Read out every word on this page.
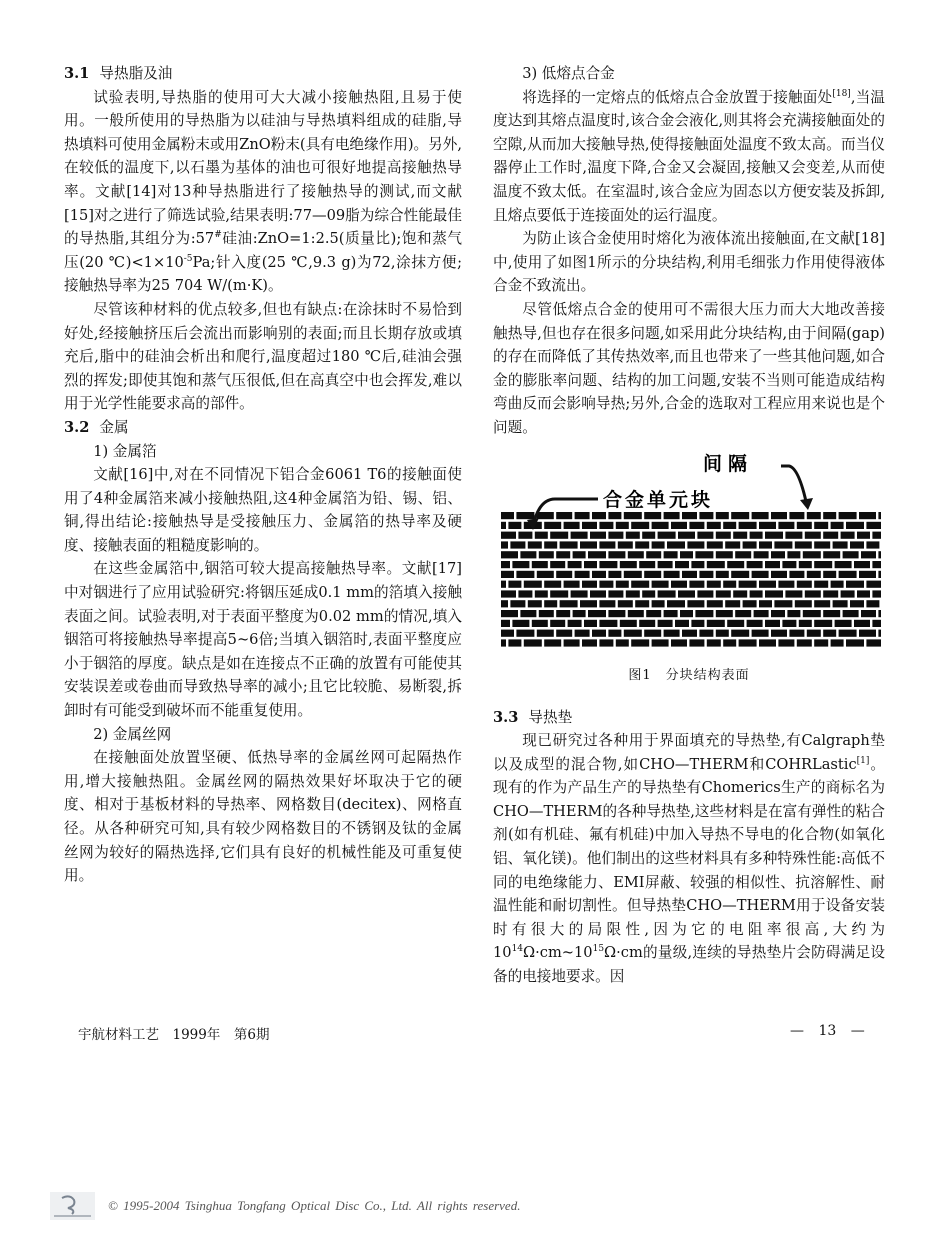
3.1 导热脂及油

试验表明,导热脂的使用可大大减小接触热阻,且易于使用。一般所使用的导热脂为以硅油与导热填料组成的硅脂,导热填料可使用金属粉末或用ZnO粉末(具有电绝缘作用)。另外,在较低的温度下,以石墨为基体的油也可很好地提高接触热导率。文献[14]对13种导热脂进行了接触热导的测试,而文献[15]对之进行了筛选试验,结果表明:77—09脂为综合性能最佳的导热脂,其组分为:57#硅油:ZnO=1:2.5(质量比);饱和蒸气压(20 $℃)<1\times 10^{-5}Pa$;针入度(25 ℃,9.3 g)为72,涂抹方便;接触热导率为25 704 W/(m·K)。

尽管该种材料的优点较多,但也有缺点:在涂抹时不易恰到好处,经接触挤压后会流出而影响别的表面;而且长期存放或填充后,脂中的硅油会析出和爬行,温度超过180 ℃后,硅油会强烈的挥发;即使其饱和蒸气压很低,但在高真空中也会挥发,难以用于光学性能要求高的部件。

3.2 金属

1) 金属箔

文献[16]中,对在不同情况下铝合金6061 T6的接触面使用了4种金属箔来减小接触热阻,这4种金属箔为铅、锡、铝、铜,得出结论:接触热导是受接触压力、金属箔的热导率及硬度、接触表面的粗糙度影响的。

在这些金属箔中,铟箔可较大提高接触热导率。文献[17]中对铟进行了应用试验研究:将铟压延成0.1 mm的箔填入接触表面之间。试验表明,对于表面平整度为0.02 mm的情况,填入铟箔可将接触热导率提高5~6倍;当填入铟箔时,表面平整度应小于铟箔的厚度。缺点是如在连接点不正确的放置有可能使其安装误差或卷曲而导致热导率的减小;且它比较脆、易断裂,拆卸时有可能受到破坏而不能重复使用。

2) 金属丝网

在接触面处放置坚硬、低热导率的金属丝网可起隔热作用,增大接触热阻。金属丝网的隔热效果好坏取决于它的硬度、相对于基板材料的导热率、网格数目(decitex)、网格直径。从各种研究可知,具有较少网格数目的不锈钢及钛的金属丝网为较好的隔热选择,它们具有良好的机械性能及可重复使用。

3) 低熔点合金

将选择的一定熔点的低熔点合金放置于接触面处[18],当温度达到其熔点温度时,该合金会液化,则其将会充满接触面处的空隙,从而加大接触导热,使得接触面处温度不致太高。而当仪器停止工作时,温度下降,合金又会凝固,接触又会变差,从而使温度不致太低。在室温时,该合金应为固态以方便安装及拆卸,且熔点要低于连接面处的运行温度。

为防止该合金使用时熔化为液体流出接触面,在文献[18]中,使用了如图1所示的分块结构,利用毛细张力作用使得液体合金不致流出。

尽管低熔点合金的使用可不需很大压力而大大地改善接触热导,但也存在很多问题,如采用此分块结构,由于间隔(gap)的存在而降低了其传热效率,而且也带来了一些其他问题,如合金的膨胀率问题、结构的加工问题,安装不当则可能造成结构弯曲反而会影响导热;另外,合金的选取对工程应用来说也是个问题。

间隔
合金单元块
图1　分块结构表面

3.3 导热垫

现已研究过各种用于界面填充的导热垫,有Calgraph垫以及成型的混合物,如CHO—THERM和COHRLastic[1]。现有的作为产品生产的导热垫有Chomerics生产的商标名为CHO—THERM的各种导热垫,这些材料是在富有弹性的粘合剂(如有机硅、氟有机硅)中加入导热不导电的化合物(如氧化铝、氧化镁)。他们制出的这些材料具有多种特殊性能:高低不同的电绝缘能力、EMI屏蔽、较强的相似性、抗溶解性、耐温性能和耐切割性。但导热垫CHO—THERM用于设备安装时有很大的局限性,因为它的电阻率很高,大约为$10^{14}\Omega\cdot cm\sim 10^{15}\Omega\cdot cm$的量级,连续的导热垫片会防碍满足设备的电接地要求。因

宇航材料工艺　1999年　第6期	— 13 —
© 1995-2004 Tsinghua Tongfang Optical Disc Co., Ltd. All rights reserved.
